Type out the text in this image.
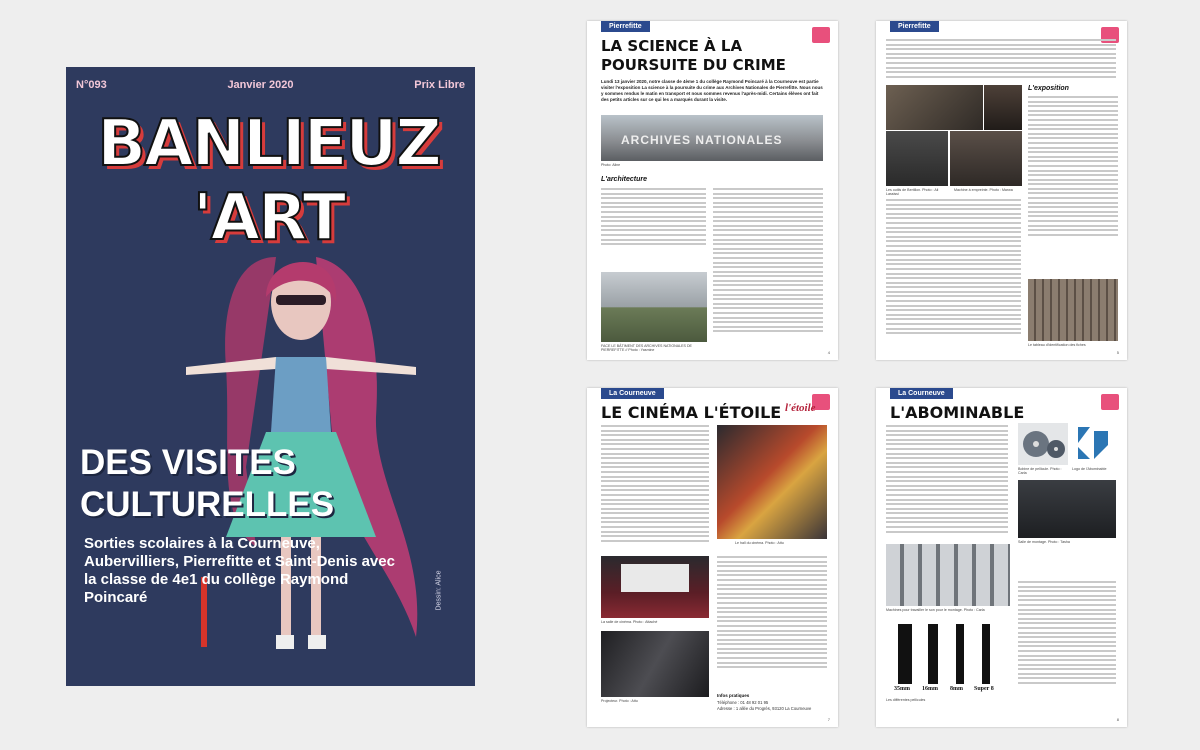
N°093	Janvier 2020	Prix Libre
BANLIEUZ 'ART
DES VISITES
CULTURELLES
Sorties scolaires à la Courneuve, Aubervilliers, Pierrefitte et Saint-Denis avec la classe de 4e1 du collège Raymond Poincaré	Dessin: Alice
Pierrefitte
LA SCIENCE À LA POURSUITE DU CRIME
Lundi 13 janvier 2020, notre classe de 4ème 1 du collège Raymond Poincaré à la Courneuve est partie visiter l'exposition La science à la poursuite du crime aux Archives Nationales de Pierrefitte. Nous nous y sommes rendus le matin en transport et nous sommes revenus l'après-midi. Certains élèves ont fait des petits articles sur ce qui les a marqués durant la visite.
ARCHIVES NATIONALES
Photo: Aline
L'architecture
FACE LE BÂTIMENT DES ARCHIVES NATIONALES DE PIERREFITTE // Photo : Yasmine	4
Pierrefitte
Les outils de Bertillon. Photo : Ali Lassissi
Machine à empreinte. Photo : Marwa
L'exposition
Le tableau d'identification des fiches
5
La Courneuve
LE CINÉMA L'ÉTOILE l'étoile
Le hall du cinéma. Photo : Attu
La salle de cinéma. Photo : Attaché
Projecteur. Photo : Attu
Infos pratiques
Téléphone : 01 48 92 01 95
Adresse : 1 allée du Progrès, 93120 La Courneuve
7
La Courneuve
L'ABOMINABLE
Bobine de pellicule. Photo : Carla
Logo de l'Abominable
Salle de montage. Photo : Tasha
Machines pour travailler le son pour le montage. Photo : Carla
35mm 16mm 8mm Super 8
Les différentes pellicules
8
